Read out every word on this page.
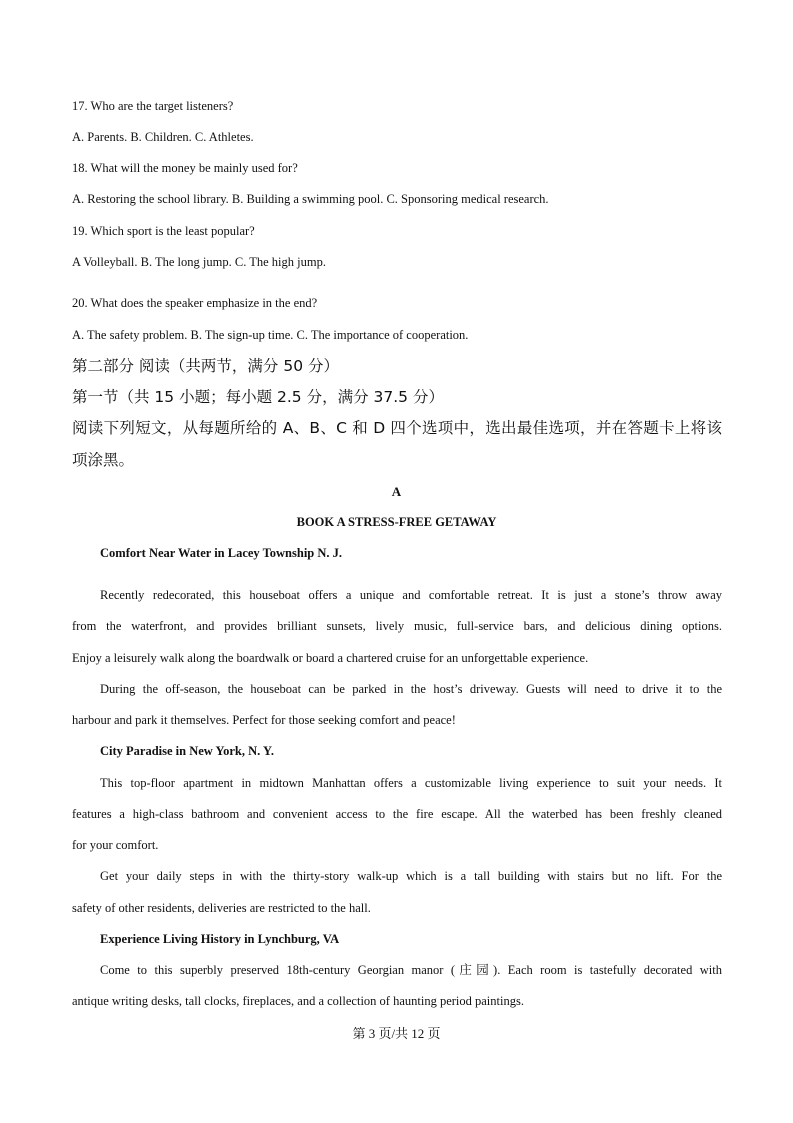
17. Who are the target listeners?
A. Parents. B. Children. C. Athletes.
18. What will the money be mainly used for?
A. Restoring the school library. B. Building a swimming pool. C. Sponsoring medical research.
19. Which sport is the least popular?
A Volleyball. B. The long jump. C. The high jump.
20. What does the speaker emphasize in the end?
A. The safety problem. B. The sign-up time. C. The importance of cooperation.
第二部分 阅读（共两节，满分 50 分）
第一节（共 15 小题；每小题 2.5 分，满分 37.5 分）
阅读下列短文，从每题所给的 A、B、C 和 D 四个选项中，选出最佳选项，并在答题卡上将该
项涂黑。
A
BOOK A STRESS-FREE GETAWAY
Comfort Near Water in Lacey Township N. J.
Recently redecorated, this houseboat offers a unique and comfortable retreat. It is just a stone’s throw away
from the waterfront, and provides brilliant sunsets, lively music, full-service bars, and delicious dining options.
Enjoy a leisurely walk along the boardwalk or board a chartered cruise for an unforgettable experience.
During the off-season, the houseboat can be parked in the host’s driveway. Guests will need to drive it to the
harbour and park it themselves. Perfect for those seeking comfort and peace!
City Paradise in New York, N. Y.
This top-floor apartment in midtown Manhattan offers a customizable living experience to suit your needs. It
features a high-class bathroom and convenient access to the fire escape. All the waterbed has been freshly cleaned
for your comfort.
Get your daily steps in with the thirty-story walk-up which is a tall building with stairs but no lift. For the
safety of other residents, deliveries are restricted to the hall.
Experience Living History in Lynchburg, VA
Come to this superbly preserved 18th-century Georgian manor (庄园). Each room is tastefully decorated with
antique writing desks, tall clocks, fireplaces, and a collection of haunting period paintings.
第 3 页/共 12 页
